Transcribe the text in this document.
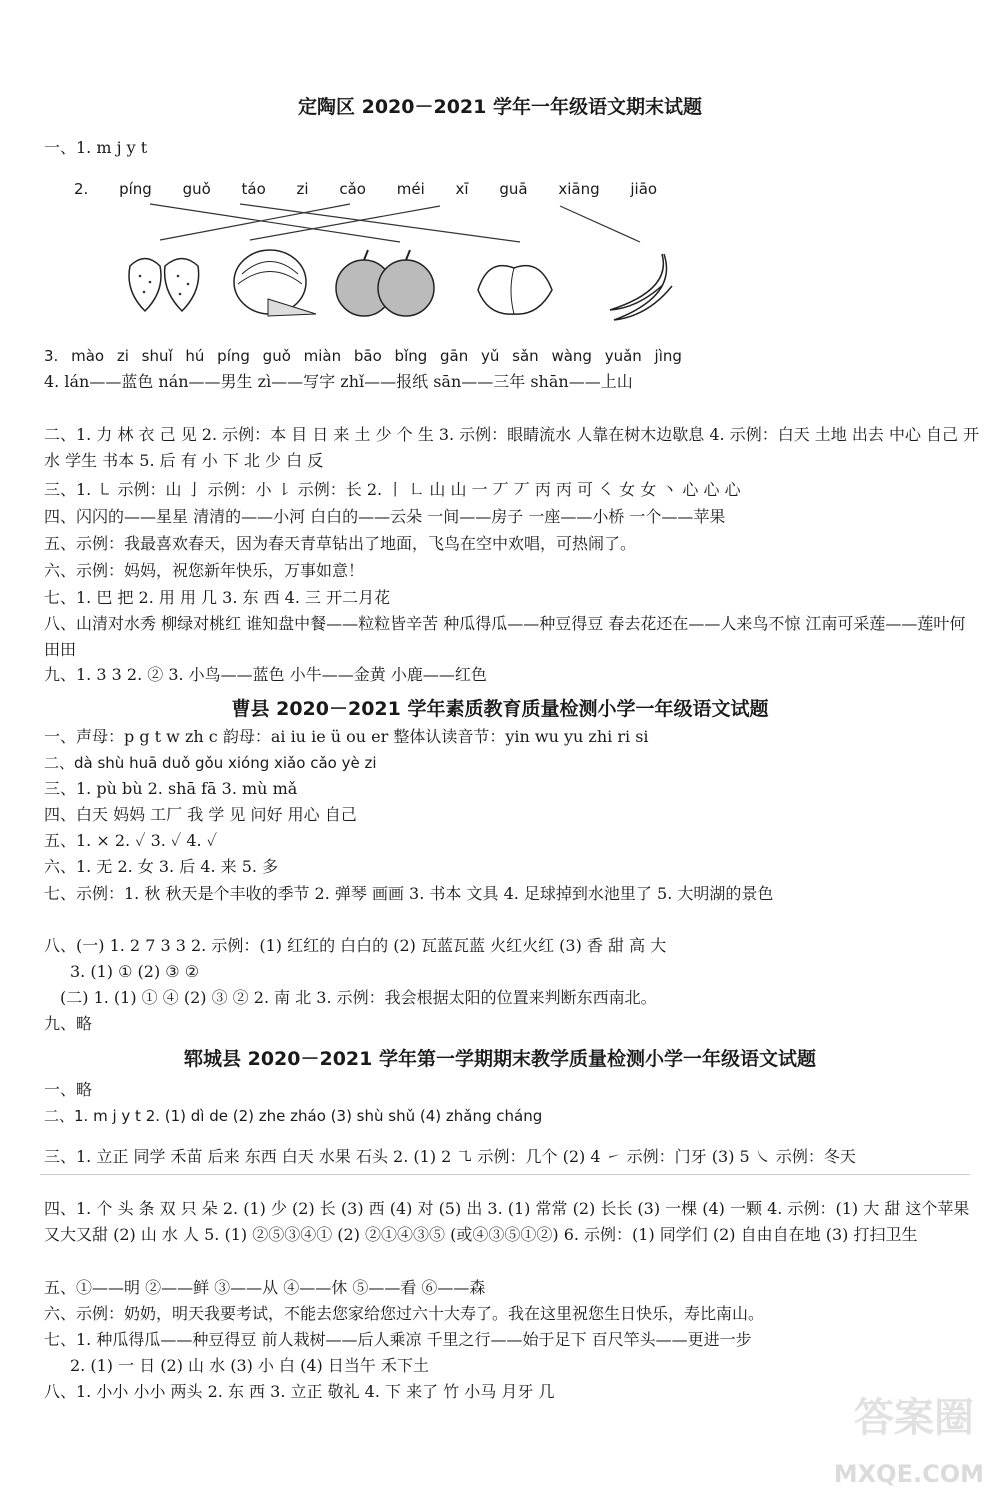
定陶区 2020－2021 学年一年级语文期末试题
一、1. m j y t
2. píng guǒ táo zi cǎo méi xī guā xiāng jiāo
3. mào zi shuǐ hú píng guǒ miàn bāo bǐng gān yǔ sǎn wàng yuǎn jìng
4. lán——蓝色 nán——男生 zì——写字 zhǐ——报纸 sān——三年 shān——上山
二、1. 力 林 衣 己 见 2. 示例：本 目 日 来 土 少 个 生 3. 示例：眼睛流水 人靠在树木边歇息 4. 示例：白天 土地 出去 中心 自己 开水 学生 书本 5. 后 有 小 下 北 少 白 反
三、1. ㇄ 示例：山 亅 示例：小 ㇙ 示例：长 2. 丨 ㇗ 山 山 一 丆 丆 丙 丙 可 ㇛ 女 女 丶 心 心 心
四、闪闪的——星星 清清的——小河 白白的——云朵 一间——房子 一座——小桥 一个——苹果
五、示例：我最喜欢春天，因为春天青草钻出了地面，飞鸟在空中欢唱，可热闹了。
六、示例：妈妈，祝您新年快乐，万事如意！
七、1. 巴 把 2. 用 用 几 3. 东 西 4. 三 开二月花
八、山清对水秀 柳绿对桃红 谁知盘中餐——粒粒皆辛苦 种瓜得瓜——种豆得豆 春去花还在——人来鸟不惊 江南可采莲——莲叶何田田
九、1. 3 3 2. ② 3. 小鸟——蓝色 小牛——金黄 小鹿——红色
曹县 2020－2021 学年素质教育质量检测小学一年级语文试题
一、声母：p g t w zh c 韵母：ai iu ie ü ou er 整体认读音节：yin wu yu zhi ri si
二、dà shù huā duǒ gǒu xióng xiǎo cǎo yè zi
三、1. pù bù 2. shā fā 3. mù mǎ
四、白天 妈妈 工厂 我 学 见 问好 用心 自己
五、1. × 2. ✓ 3. ✓ 4. ✓
六、1. 无 2. 女 3. 后 4. 来 5. 多
七、示例：1. 秋 秋天是个丰收的季节 2. 弹琴 画画 3. 书本 文具 4. 足球掉到水池里了 5. 大明湖的景色
八、(一) 1. 2 7 3 3 2. 示例：(1) 红红的 白白的 (2) 瓦蓝瓦蓝 火红火红 (3) 香 甜 高 大
3. (1) ① (2) ③ ②
(二) 1. (1) ① ④ (2) ③ ② 2. 南 北 3. 示例：我会根据太阳的位置来判断东西南北。
九、略
郓城县 2020－2021 学年第一学期期末教学质量检测小学一年级语文试题
一、略
二、1. m j y t 2. (1) dì de (2) zhe zháo (3) shù shǔ (4) zhǎng cháng
三、1. 立正 同学 禾苗 后来 东西 白天 水果 石头 2. (1) 2 ㇈ 示例：几个 (2) 4 ㇀ 示例：门牙 (3) 5 ㇏ 示例：冬天
四、1. 个 头 条 双 只 朵 2. (1) 少 (2) 长 (3) 西 (4) 对 (5) 出 3. (1) 常常 (2) 长长 (3) 一棵 (4) 一颗 4. 示例：(1) 大 甜 这个苹果又大又甜 (2) 山 水 人 5. (1) ②⑤③④① (2) ②①④③⑤ (或④③⑤①②) 6. 示例：(1) 同学们 (2) 自由自在地 (3) 打扫卫生
五、①——明 ②——鲜 ③——从 ④——休 ⑤——看 ⑥——森
六、示例：奶奶，明天我要考试，不能去您家给您过六十大寿了。我在这里祝您生日快乐，寿比南山。
七、1. 种瓜得瓜——种豆得豆 前人栽树——后人乘凉 千里之行——始于足下 百尺竿头——更进一步
2. (1) 一 日 (2) 山 水 (3) 小 白 (4) 日当午 禾下土
八、1. 小小 小小 两头 2. 东 西 3. 立正 敬礼 4. 下 来了 竹 小马 月牙 几
答案圈
MXQE.COM
